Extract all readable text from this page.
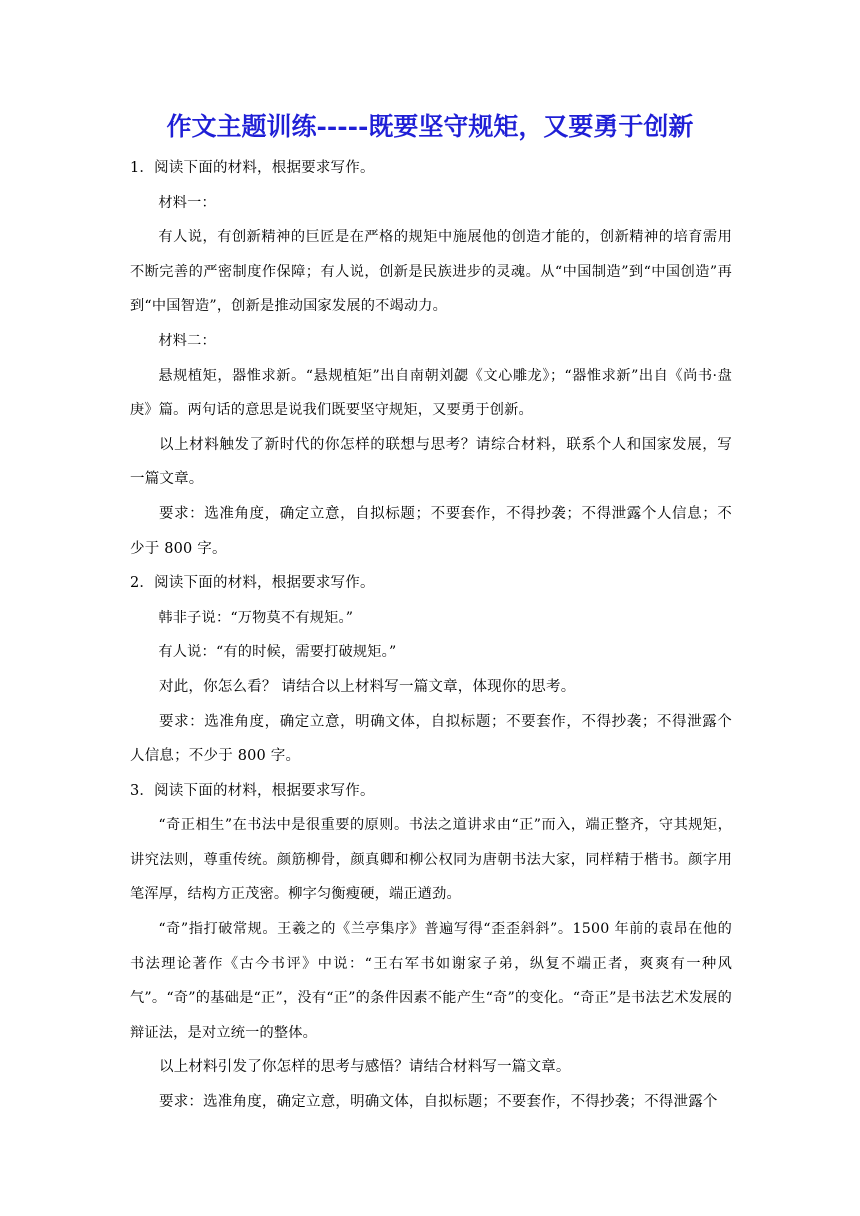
作文主题训练-----既要坚守规矩，又要勇于创新

1．阅读下面的材料，根据要求写作。

材料一：

有人说，有创新精神的巨匠是在严格的规矩中施展他的创造才能的，创新精神的培育需用不断完善的严密制度作保障；有人说，创新是民族进步的灵魂。从“中国制造”到“中国创造”再到“中国智造”，创新是推动国家发展的不竭动力。

材料二：

悬规植矩，器惟求新。“悬规植矩”出自南朝刘勰《文心雕龙》；“器惟求新”出自《尚书·盘庚》篇。两句话的意思是说我们既要坚守规矩，又要勇于创新。

以上材料触发了新时代的你怎样的联想与思考？请综合材料，联系个人和国家发展，写一篇文章。

要求：选准角度，确定立意，自拟标题；不要套作，不得抄袭；不得泄露个人信息；不少于 800 字。

2．阅读下面的材料，根据要求写作。

韩非子说：“万物莫不有规矩。”

有人说：“有的时候，需要打破规矩。”

对此，你怎么看？ 请结合以上材料写一篇文章，体现你的思考。

要求：选准角度，确定立意，明确文体，自拟标题；不要套作，不得抄袭；不得泄露个人信息；不少于 800 字。

3．阅读下面的材料，根据要求写作。

“奇正相生”在书法中是很重要的原则。书法之道讲求由“正”而入，端正整齐，守其规矩，讲究法则，尊重传统。颜筋柳骨，颜真卿和柳公权同为唐朝书法大家，同样精于楷书。颜字用笔浑厚，结构方正茂密。柳字匀衡瘦硬，端正遒劲。

“奇”指打破常规。王羲之的《兰亭集序》普遍写得“歪歪斜斜”。1500 年前的袁昂在他的书法理论著作《古今书评》中说：“王右军书如谢家子弟，纵复不端正者，爽爽有一种风气”。“奇”的基础是“正”，没有“正”的条件因素不能产生“奇”的变化。“奇正”是书法艺术发展的辩证法，是对立统一的整体。

以上材料引发了你怎样的思考与感悟？请结合材料写一篇文章。

要求：选准角度，确定立意，明确文体，自拟标题；不要套作，不得抄袭；不得泄露个
